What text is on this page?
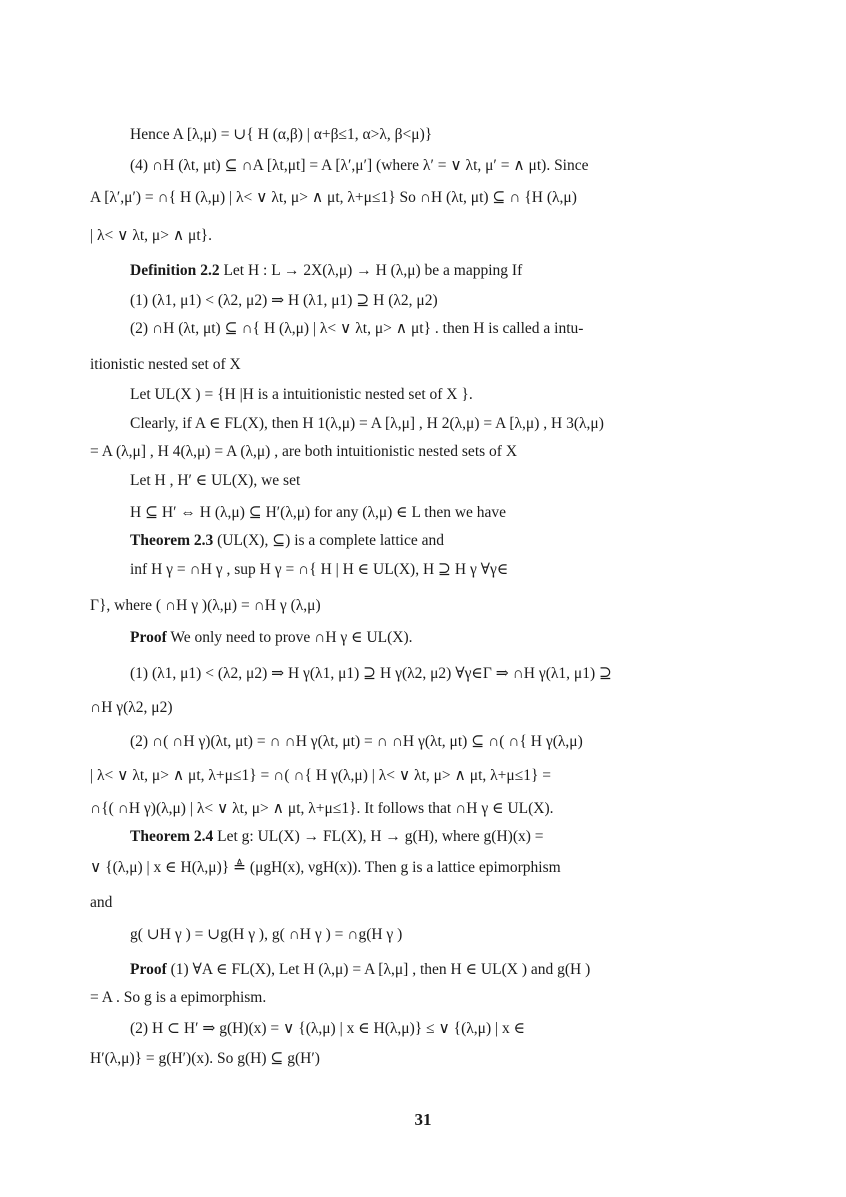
Hence A [λ,μ) = ∪{ H (α,β) | α+β≤1, α>λ, β<μ)}
(4) ∩H (λt, μt) ⊆ ∩A [λt,μt] = A [λ′,μ′] (where λ′ = ∨ λt, μ′ = ∧ μt). Since
A [λ′,μ′) = ∩{ H (λ,μ) | λ< ∨ λt, μ> ∧ μt, λ+μ≤1} So ∩H (λt, μt) ⊆ ∩ {H (λ,μ)
| λ< ∨ λt, μ> ∧ μt}.
Definition 2.2 Let H : L → 2X(λ,μ) → H (λ,μ) be a mapping If
(1) (λ1, μ1) < (λ2, μ2) ⇒ H (λ1, μ1) ⊇ H (λ2, μ2)
(2) ∩H (λt, μt) ⊆ ∩{ H (λ,μ) | λ< ∨ λt, μ> ∧ μt} . then H is called a intu-
itionistic nested set of X
Let UL(X ) = {H |H is a intuitionistic nested set of X }.
Clearly, if A ∈ FL(X), then H 1(λ,μ) = A [λ,μ] , H 2(λ,μ) = A [λ,μ) , H 3(λ,μ)
= A (λ,μ] , H 4(λ,μ) = A (λ,μ) , are both intuitionistic nested sets of X
Let H , H′ ∈ UL(X), we set
H ⊆ H′ ⇔ H (λ,μ) ⊆ H′(λ,μ) for any (λ,μ) ∈ L then we have
Theorem 2.3 (UL(X), ⊆) is a complete lattice and
inf H γ = ∩H γ , sup H γ = ∩{ H | H ∈ UL(X), H ⊇ H γ ∀γ∈
Γ}, where ( ∩H γ )(λ,μ) = ∩H γ (λ,μ)
Proof We only need to prove ∩H γ ∈ UL(X).
(1) (λ1, μ1) < (λ2, μ2) ⇒ H γ(λ1, μ1) ⊇ H γ(λ2, μ2) ∀γ∈Γ ⇒ ∩H γ(λ1, μ1) ⊇
∩H γ(λ2, μ2)
(2) ∩( ∩H γ)(λt, μt) = ∩ ∩H γ(λt, μt) = ∩ ∩H γ(λt, μt) ⊆ ∩( ∩{ H γ(λ,μ)
| λ< ∨ λt, μ> ∧ μt, λ+μ≤1} = ∩( ∩{ H γ(λ,μ) | λ< ∨ λt, μ> ∧ μt, λ+μ≤1} =
∩{( ∩H γ)(λ,μ) | λ< ∨ λt, μ> ∧ μt, λ+μ≤1}. It follows that ∩H γ ∈ UL(X).
Theorem 2.4 Let g: UL(X) → FL(X), H → g(H), where g(H)(x) =
∨ {(λ,μ) | x ∈ H(λ,μ)} ≜ (μgH(x), νgH(x)). Then g is a lattice epimorphism
and
g( ∪H γ ) = ∪g(H γ ), g( ∩H γ ) = ∩g(H γ )
Proof (1) ∀A ∈ FL(X), Let H (λ,μ) = A [λ,μ] , then H ∈ UL(X ) and g(H )
= A . So g is a epimorphism.
(2) H ⊂ H′ ⇒ g(H)(x) = ∨ {(λ,μ) | x ∈ H(λ,μ)} ≤ ∨ {(λ,μ) | x ∈
H′(λ,μ)} = g(H′)(x). So g(H) ⊆ g(H′)
31
